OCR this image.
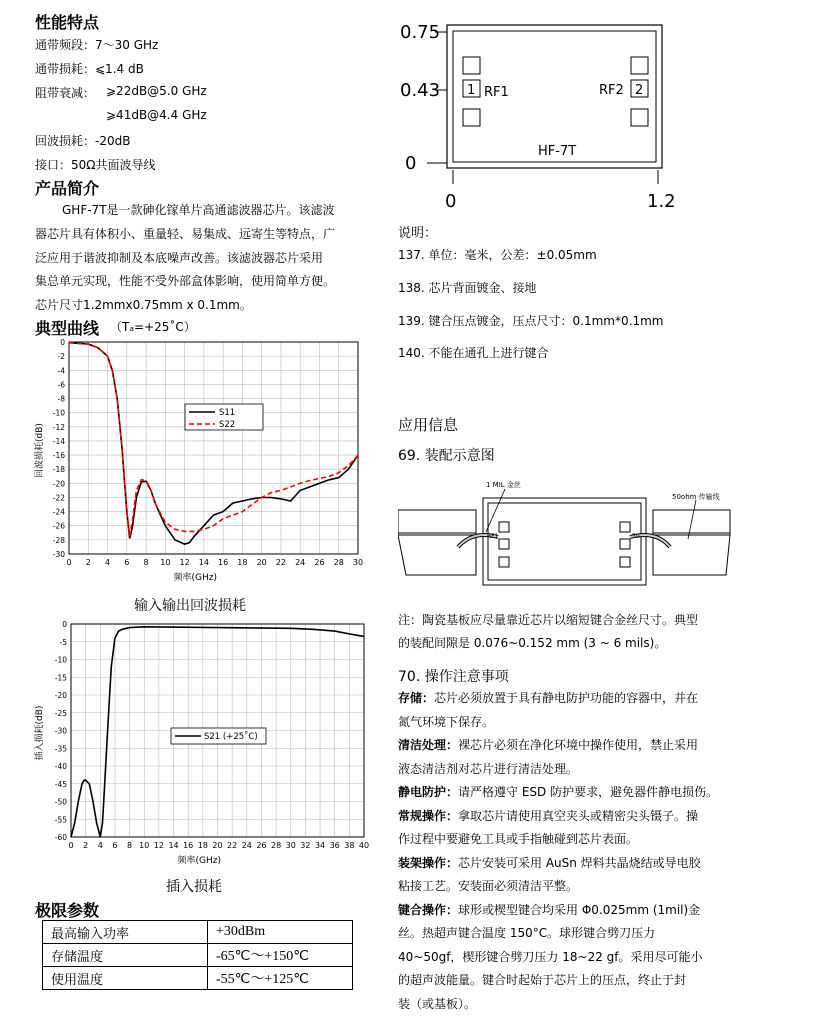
性能特点
通带频段：7～30 GHz
通带损耗：⩽1.4 dB
阻带衰减： ⩾22dB@5.0 GHz
⩾41dB@4.4 GHz
回波损耗：-20dB
接口：50Ω共面波导线
产品简介
GHF-7T是一款砷化镓单片高通滤波器芯片。该滤波
器芯片具有体积小、重量轻、易集成、远寄生等特点，广
泛应用于谐波抑制及本底噪声改善。该滤波器芯片采用
集总单元实现，性能不受外部盒体影响，使用简单方便。
芯片尺寸1.2mmx0.75mm x 0.1mm。
典型曲线 （Tₐ=+25˚C）
0 2 4 6 8 10 12 14 16 18 20 22 24 26 28 30
0
-2
-4
-6
-8
-10
-12
-14
-16
-18
-20
-22
-24
-26
-28
-30
频率(GHz)
回波损耗(dB)
S11
S22
输入输出回波损耗
0 2 4 6 8 10 12 14 16 18 20 22 24 26 28 30 32 34 36 38 40
0
-5
-10
-15
-20
-25
-30
-35
-40
-45
-50
-55
-60
频率(GHz)
插入损耗(dB)	S21 (+25˚C)
插入损耗
极限参数
最高输入功率	+30dBm
存储温度	-65℃～+150℃
使用温度	-55℃～+125℃
0.75
0.43
0
0	1.2
1 RF1	2
RF2
HF-7T
说明：
137. 单位：毫米，公差：±0.05mm
138. 芯片背面镀金、接地
139. 键合压点镀金，压点尺寸：0.1mm*0.1mm
140. 不能在通孔上进行键合
应用信息
69. 装配示意图
1 MIL 金丝
50ohm 传输线
RF1	50
注：陶瓷基板应尽量靠近芯片以缩短键合金丝尺寸。典型
的装配间隙是 0.076~0.152 mm (3 ~ 6 mils)。
70. 操作注意事项
存储：芯片必须放置于具有静电防护功能的容器中，并在
氮气环境下保存。
清洁处理：裸芯片必须在净化环境中操作使用，禁止采用
液态清洁剂对芯片进行清洁处理。
静电防护：请严格遵守 ESD 防护要求，避免器件静电损伤。
常规操作：拿取芯片请使用真空夹头或精密尖头镊子。操
作过程中要避免工具或手指触碰到芯片表面。
装架操作：芯片安装可采用 AuSn 焊料共晶烧结或导电胶
粘接工艺。安装面必须清洁平整。
键合操作：球形或楔型键合均采用 Φ0.025mm (1mil)金
丝。热超声键合温度 150°C。球形键合劈刀压力
40~50gf，楔形键合劈刀压力 18~22 gf。采用尽可能小
的超声波能量。键合时起始于芯片上的压点，终止于封
装（或基板）。
